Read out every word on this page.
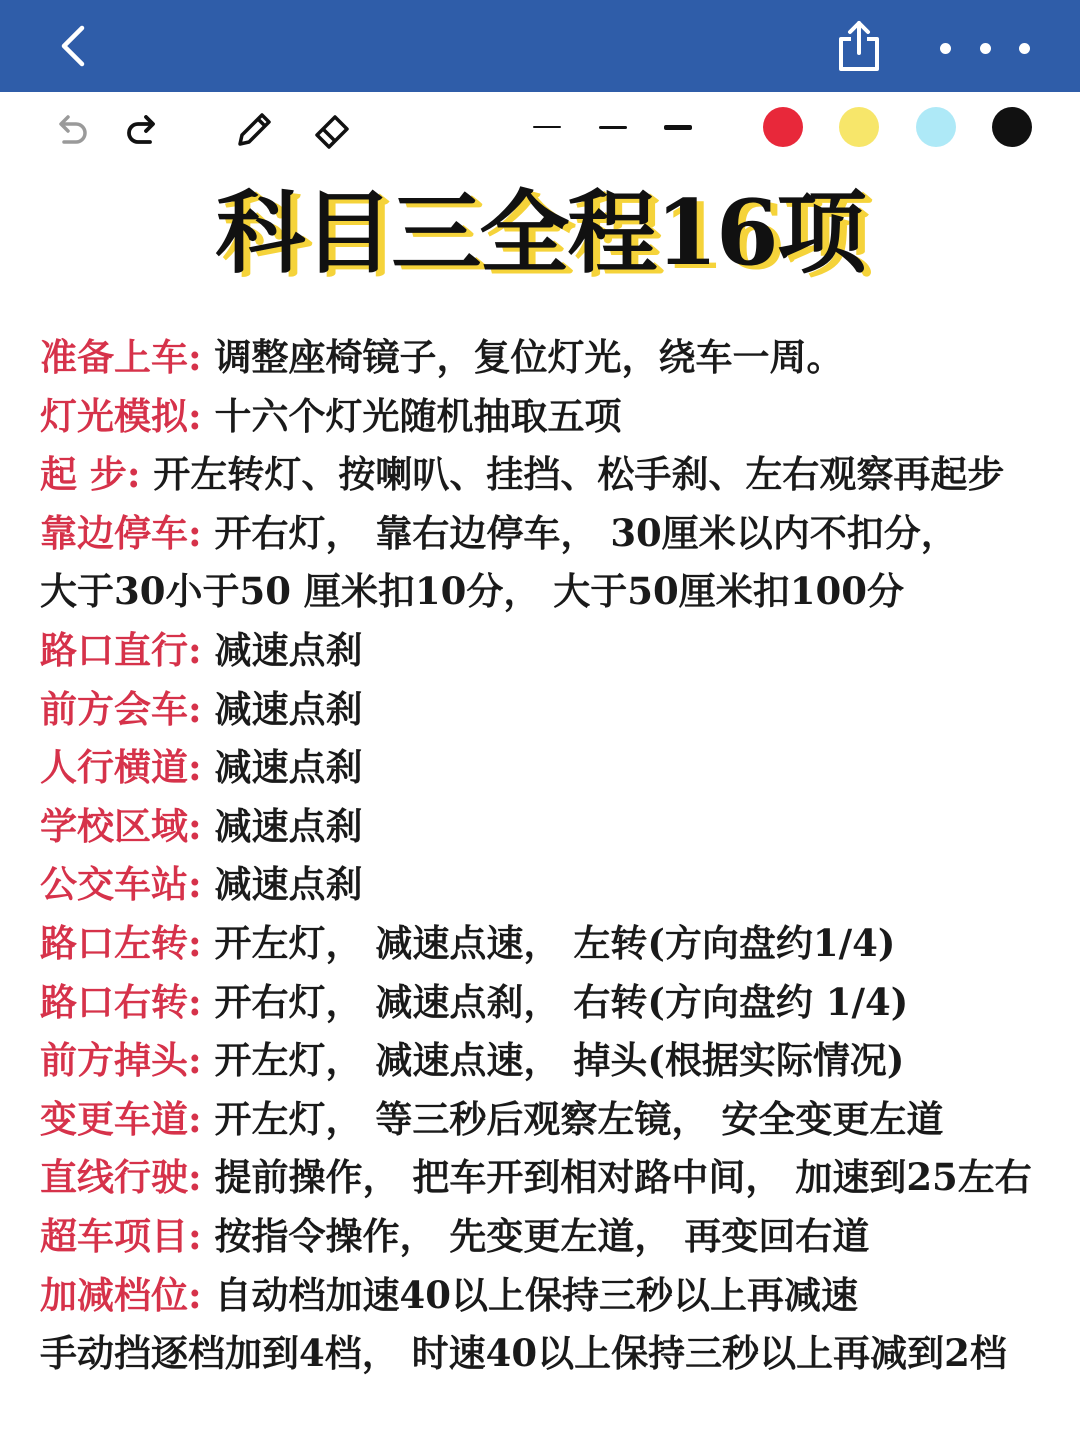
科目三全程16项
准备上车: 调整座椅镜子，复位灯光，绕车一周。
灯光模拟: 十六个灯光随机抽取五项
起 步: 开左转灯、按喇叭、挂挡、松手刹、左右观察再起步
靠边停车: 开右灯， 靠右边停车， 30厘米以内不扣分，
大于30小于50 厘米扣10分， 大于50厘米扣100分
路口直行: 减速点刹
前方会车: 减速点刹
人行横道: 减速点刹
学校区域: 减速点刹
公交车站: 减速点刹
路口左转: 开左灯， 减速点速， 左转(方向盘约1/4)
路口右转: 开右灯， 减速点刹， 右转(方向盘约 1/4)
前方掉头: 开左灯， 减速点速， 掉头(根据实际情况)
变更车道: 开左灯， 等三秒后观察左镜， 安全变更左道
直线行驶: 提前操作， 把车开到相对路中间， 加速到25左右
超车项目: 按指令操作， 先变更左道， 再变回右道
加减档位: 自动档加速40以上保持三秒以上再减速
手动挡逐档加到4档， 时速40以上保持三秒以上再减到2档
